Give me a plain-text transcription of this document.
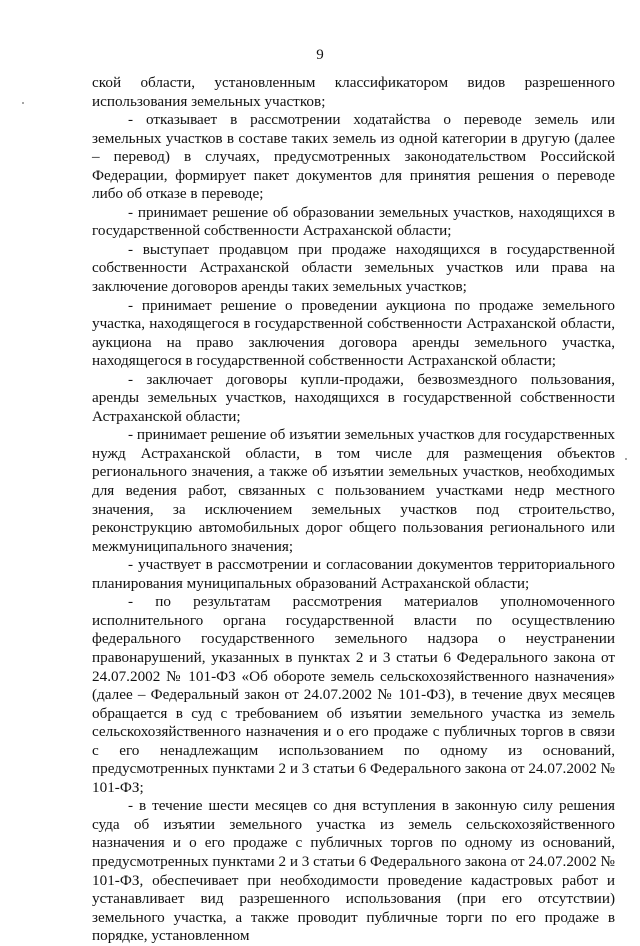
9

ской области, установленным классификатором видов разрешенного использования земельных участков;

- отказывает в рассмотрении ходатайства о переводе земель или земельных участков в составе таких земель из одной категории в другую (далее – перевод) в случаях, предусмотренных законодательством Российской Федерации, формирует пакет документов для принятия решения о переводе либо об отказе в переводе;

- принимает решение об образовании земельных участков, находящихся в государственной собственности Астраханской области;

- выступает продавцом при продаже находящихся в государственной собственности Астраханской области земельных участков или права на заключение договоров аренды таких земельных участков;

- принимает решение о проведении аукциона по продаже земельного участка, находящегося в государственной собственности Астраханской области, аукциона на право заключения договора аренды земельного участка, находящегося в государственной собственности Астраханской области;

- заключает договоры купли-продажи, безвозмездного пользования, аренды земельных участков, находящихся в государственной собственности Астраханской области;

- принимает решение об изъятии земельных участков для государственных нужд Астраханской области, в том числе для размещения объектов регионального значения, а также об изъятии земельных участков, необходимых для ведения работ, связанных с пользованием участками недр местного значения, за исключением земельных участков под строительство, реконструкцию автомобильных дорог общего пользования регионального или межмуниципального значения;

- участвует в рассмотрении и согласовании документов территориального планирования муниципальных образований Астраханской области;

- по результатам рассмотрения материалов уполномоченного исполнительного органа государственной власти по осуществлению федерального государственного земельного надзора о неустранении правонарушений, указанных в пунктах 2 и 3 статьи 6 Федерального закона от 24.07.2002 № 101-ФЗ «Об обороте земель сельскохозяйственного назначения» (далее – Федеральный закон от 24.07.2002 № 101-ФЗ), в течение двух месяцев обращается в суд с требованием об изъятии земельного участка из земель сельскохозяйственного назначения и о его продаже с публичных торгов в связи с его ненадлежащим использованием по одному из оснований, предусмотренных пунктами 2 и 3 статьи 6 Федерального закона от 24.07.2002 № 101-ФЗ;

- в течение шести месяцев со дня вступления в законную силу решения суда об изъятии земельного участка из земель сельскохозяйственного назначения и о его продаже с публичных торгов по одному из оснований, предусмотренных пунктами 2 и 3 статьи 6 Федерального закона от 24.07.2002 № 101-ФЗ, обеспечивает при необходимости проведение кадастровых работ и устанавливает вид разрешенного использования (при его отсутствии) земельного участка, а также проводит публичные торги по его продаже в порядке, установленном
